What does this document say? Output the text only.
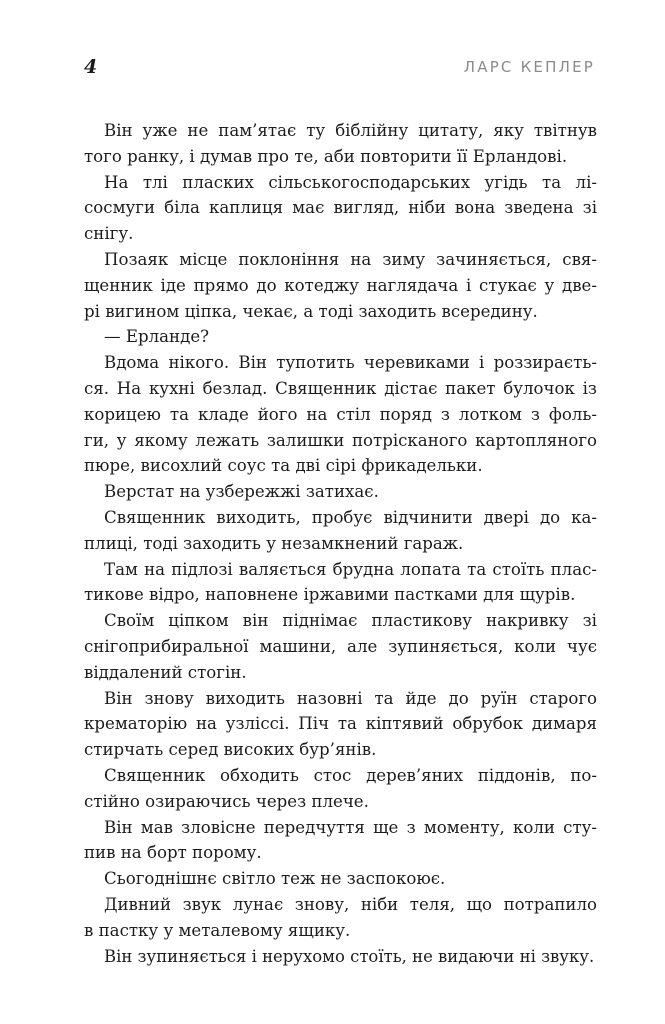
4	ЛАРС КЕПЛЕР
Він уже не пам’ятає ту біблійну цитату, яку твітнув
того ранку, і думав про те, аби повторити її Ерландові.
На тлі пласких сільськогосподарських угідь та лі-
сосмуги біла каплиця має вигляд, ніби вона зведена зі
снігу.
Позаяк місце поклоніння на зиму зачиняється, свя-
щенник іде прямо до котеджу наглядача і стукає у две-
рі вигином ціпка, чекає, а тоді заходить всередину.
— Ерланде?
Вдома нікого. Він тупотить черевиками і роззираєть-
ся. На кухні безлад. Священник дістає пакет булочок із
корицею та кладе його на стіл поряд з лотком з фоль-
ги, у якому лежать залишки потрісканого картопляного
пюре, висохлий соус та дві сірі фрикадельки.
Верстат на узбережжі затихає.
Священник виходить, пробує відчинити двері до ка-
плиці, тоді заходить у незамкнений гараж.
Там на підлозі валяється брудна лопата та стоїть плас-
тикове відро, наповнене іржавими пастками для щурів.
Своїм ціпком він піднімає пластикову накривку зі
снігоприбиральної машини, але зупиняється, коли чує
віддалений стогін.
Він знову виходить назовні та йде до руїн старого
крематорію на узліссі. Піч та кіптявий обрубок димаря
стирчать серед високих бур’янів.
Священник обходить стос дерев’яних піддонів, по-
стійно озираючись через плече.
Він мав зловісне передчуття ще з моменту, коли сту-
пив на борт порому.
Сьогоднішнє світло теж не заспокоює.
Дивний звук лунає знову, ніби теля, що потрапило
в пастку у металевому ящику.
Він зупиняється і нерухомо стоїть, не видаючи ні звуку.
